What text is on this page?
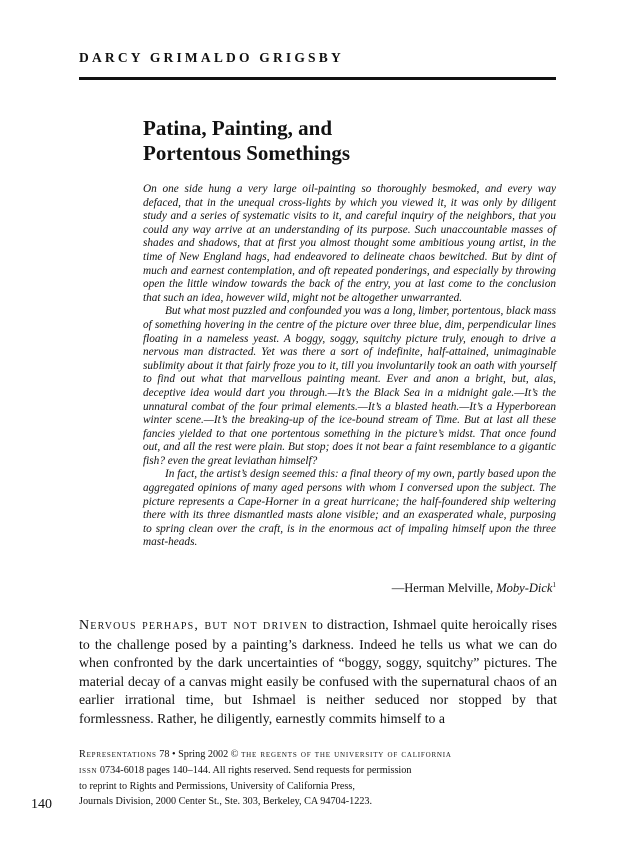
DARCY GRIMALDO GRIGSBY
Patina, Painting, and
Portentous Somethings

On one side hung a very large oil-painting so thoroughly besmoked, and every way defaced, that in the unequal cross-lights by which you viewed it, it was only by diligent study and a series of systematic visits to it, and careful inquiry of the neighbors, that you could any way arrive at an understanding of its purpose. Such unaccountable masses of shades and shadows, that at first you almost thought some ambitious young artist, in the time of New England hags, had endeavored to delineate chaos bewitched. But by dint of much and earnest contemplation, and oft repeated ponderings, and especially by throwing open the little window towards the back of the entry, you at last come to the conclusion that such an idea, however wild, might not be altogether unwarranted.

But what most puzzled and confounded you was a long, limber, portentous, black mass of something hovering in the centre of the picture over three blue, dim, perpendicular lines floating in a nameless yeast. A boggy, soggy, squitchy picture truly, enough to drive a nervous man distracted. Yet was there a sort of indefinite, half-attained, unimaginable sublimity about it that fairly froze you to it, till you involuntarily took an oath with yourself to find out what that marvellous painting meant. Ever and anon a bright, but, alas, deceptive idea would dart you through.—It’s the Black Sea in a midnight gale.—It’s the unnatural combat of the four primal elements.—It’s a blasted heath.—It’s a Hyperborean winter scene.—It’s the breaking-up of the ice-bound stream of Time. But at last all these fancies yielded to that one portentous something in the picture’s midst. That once found out, and all the rest were plain. But stop; does it not bear a faint resemblance to a gigantic fish? even the great leviathan himself?

In fact, the artist’s design seemed this: a final theory of my own, partly based upon the aggregated opinions of many aged persons with whom I conversed upon the subject. The picture represents a Cape-Horner in a great hurricane; the half-foundered ship weltering there with its three dismantled masts alone visible; and an exasperated whale, purposing to spring clean over the craft, is in the enormous act of impaling himself upon the three mast-heads.

—Herman Melville, Moby-Dick$^1$

Nervous perhaps, but not driven to distraction, Ishmael quite heroically rises to the challenge posed by a painting’s darkness. Indeed he tells us what we can do when confronted by the dark uncertainties of “boggy, soggy, squitchy” pictures. The material decay of a canvas might easily be confused with the supernatural chaos of an earlier irrational time, but Ishmael is neither seduced nor stopped by that formlessness. Rather, he diligently, earnestly commits himself to a

Representations 78 • Spring 2002 © the regents of the university of california
issn 0734-6018 pages 140–144. All rights reserved. Send requests for permission
to reprint to Rights and Permissions, University of California Press,
Journals Division, 2000 Center St., Ste. 303, Berkeley, CA 94704-1223.
140
